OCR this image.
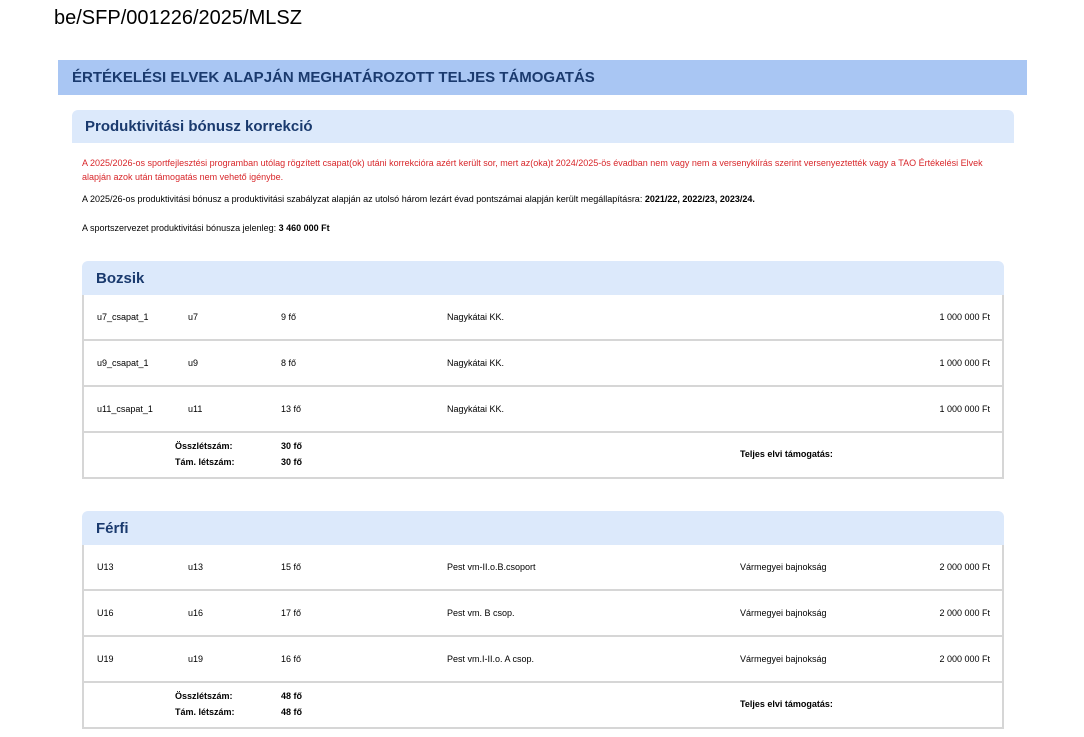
be/SFP/001226/2025/MLSZ
ÉRTÉKELÉSI ELVEK ALAPJÁN MEGHATÁROZOTT TELJES TÁMOGATÁS
Produktivitási bónusz korrekció
A 2025/2026-os sportfejlesztési programban utólag rögzített csapat(ok) utáni korrekcióra azért került sor, mert az(oka)t 2024/2025-ös évadban nem vagy nem a versenykiírás szerint versenyeztették vagy a TAO Értékelési Elvek alapján azok után támogatás nem vehető igénybe.
A 2025/26-os produktivitási bónusz a produktivitási szabályzat alapján az utolsó három lezárt évad pontszámai alapján került megállapításra: 2021/22, 2022/23, 2023/24.
A sportszervezet produktivitási bónusza jelenleg: 3 460 000 Ft
Bozsik
u7_csapat_1	u7	9 fő	Nagykátai KK.	1 000 000 Ft
u9_csapat_1	u9	8 fő	Nagykátai KK.	1 000 000 Ft
u11_csapat_1	u11	13 fő	Nagykátai KK.	1 000 000 Ft
Összlétszám:	30 fő
Tám. létszám:	30 fő
Teljes elvi támogatás:
Férfi
U13	u13	15 fő	Pest vm-II.o.B.csoport	Vármegyei bajnokság	2 000 000 Ft
U16	u16	17 fő	Pest vm. B csop.	Vármegyei bajnokság	2 000 000 Ft
U19	u19	16 fő	Pest vm.I-II.o. A csop.	Vármegyei bajnokság	2 000 000 Ft
Összlétszám:	48 fő
Tám. létszám:	48 fő
Teljes elvi támogatás:
